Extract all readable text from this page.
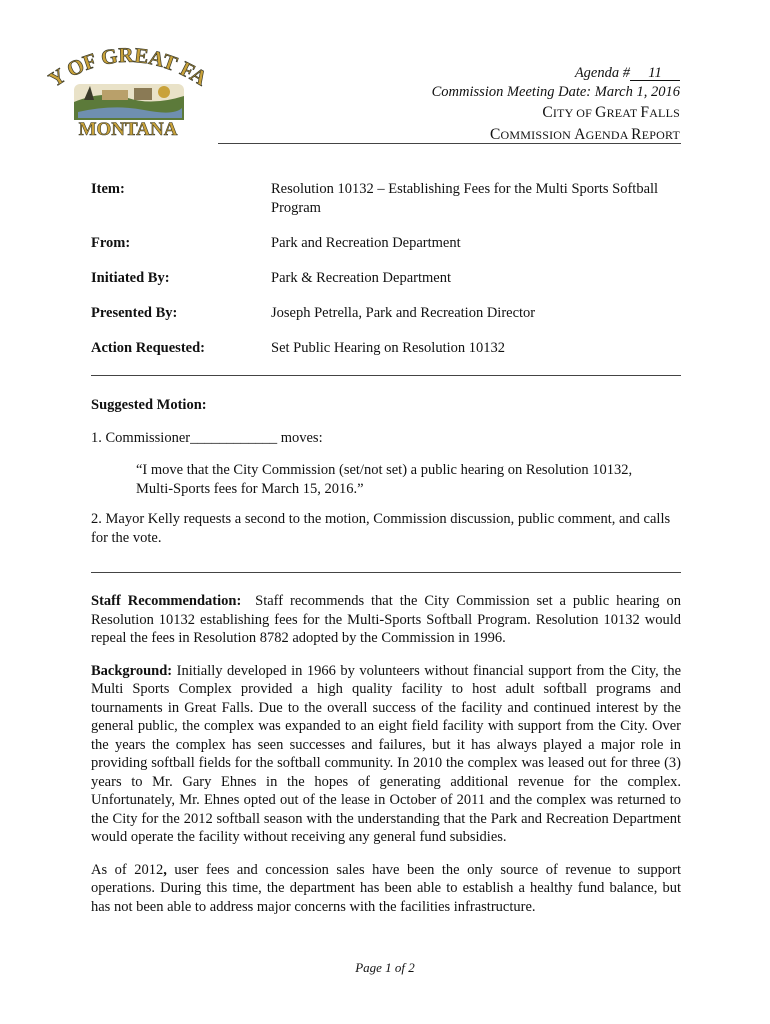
Y OF GREAT FA
MONTANA
Agenda # 11
Commission Meeting Date: March 1, 2016
CITY OF GREAT FALLS
COMMISSION AGENDA REPORT
Item:	Resolution 10132 – Establishing Fees for the Multi Sports Softball Program
From:	Park and Recreation Department
Initiated By:	Park & Recreation Department
Presented By:	Joseph Petrella, Park and Recreation Director
Action Requested:	Set Public Hearing on Resolution 10132
Suggested Motion:
1. Commissioner____________ moves:
“I move that the City Commission (set/not set) a public hearing on Resolution 10132, Multi-Sports fees for March 15, 2016.”
2. Mayor Kelly requests a second to the motion, Commission discussion, public comment, and calls for the vote.
Staff Recommendation: Staff recommends that the City Commission set a public hearing on Resolution 10132 establishing fees for the Multi-Sports Softball Program. Resolution 10132 would repeal the fees in Resolution 8782 adopted by the Commission in 1996.
Background: Initially developed in 1966 by volunteers without financial support from the City, the Multi Sports Complex provided a high quality facility to host adult softball programs and tournaments in Great Falls. Due to the overall success of the facility and continued interest by the general public, the complex was expanded to an eight field facility with support from the City. Over the years the complex has seen successes and failures, but it has always played a major role in providing softball fields for the softball community. In 2010 the complex was leased out for three (3) years to Mr. Gary Ehnes in the hopes of generating additional revenue for the complex. Unfortunately, Mr. Ehnes opted out of the lease in October of 2011 and the complex was returned to the City for the 2012 softball season with the understanding that the Park and Recreation Department would operate the facility without receiving any general fund subsidies.
As of 2012, user fees and concession sales have been the only source of revenue to support operations. During this time, the department has been able to establish a healthy fund balance, but has not been able to address major concerns with the facilities infrastructure.
Page 1 of 2
